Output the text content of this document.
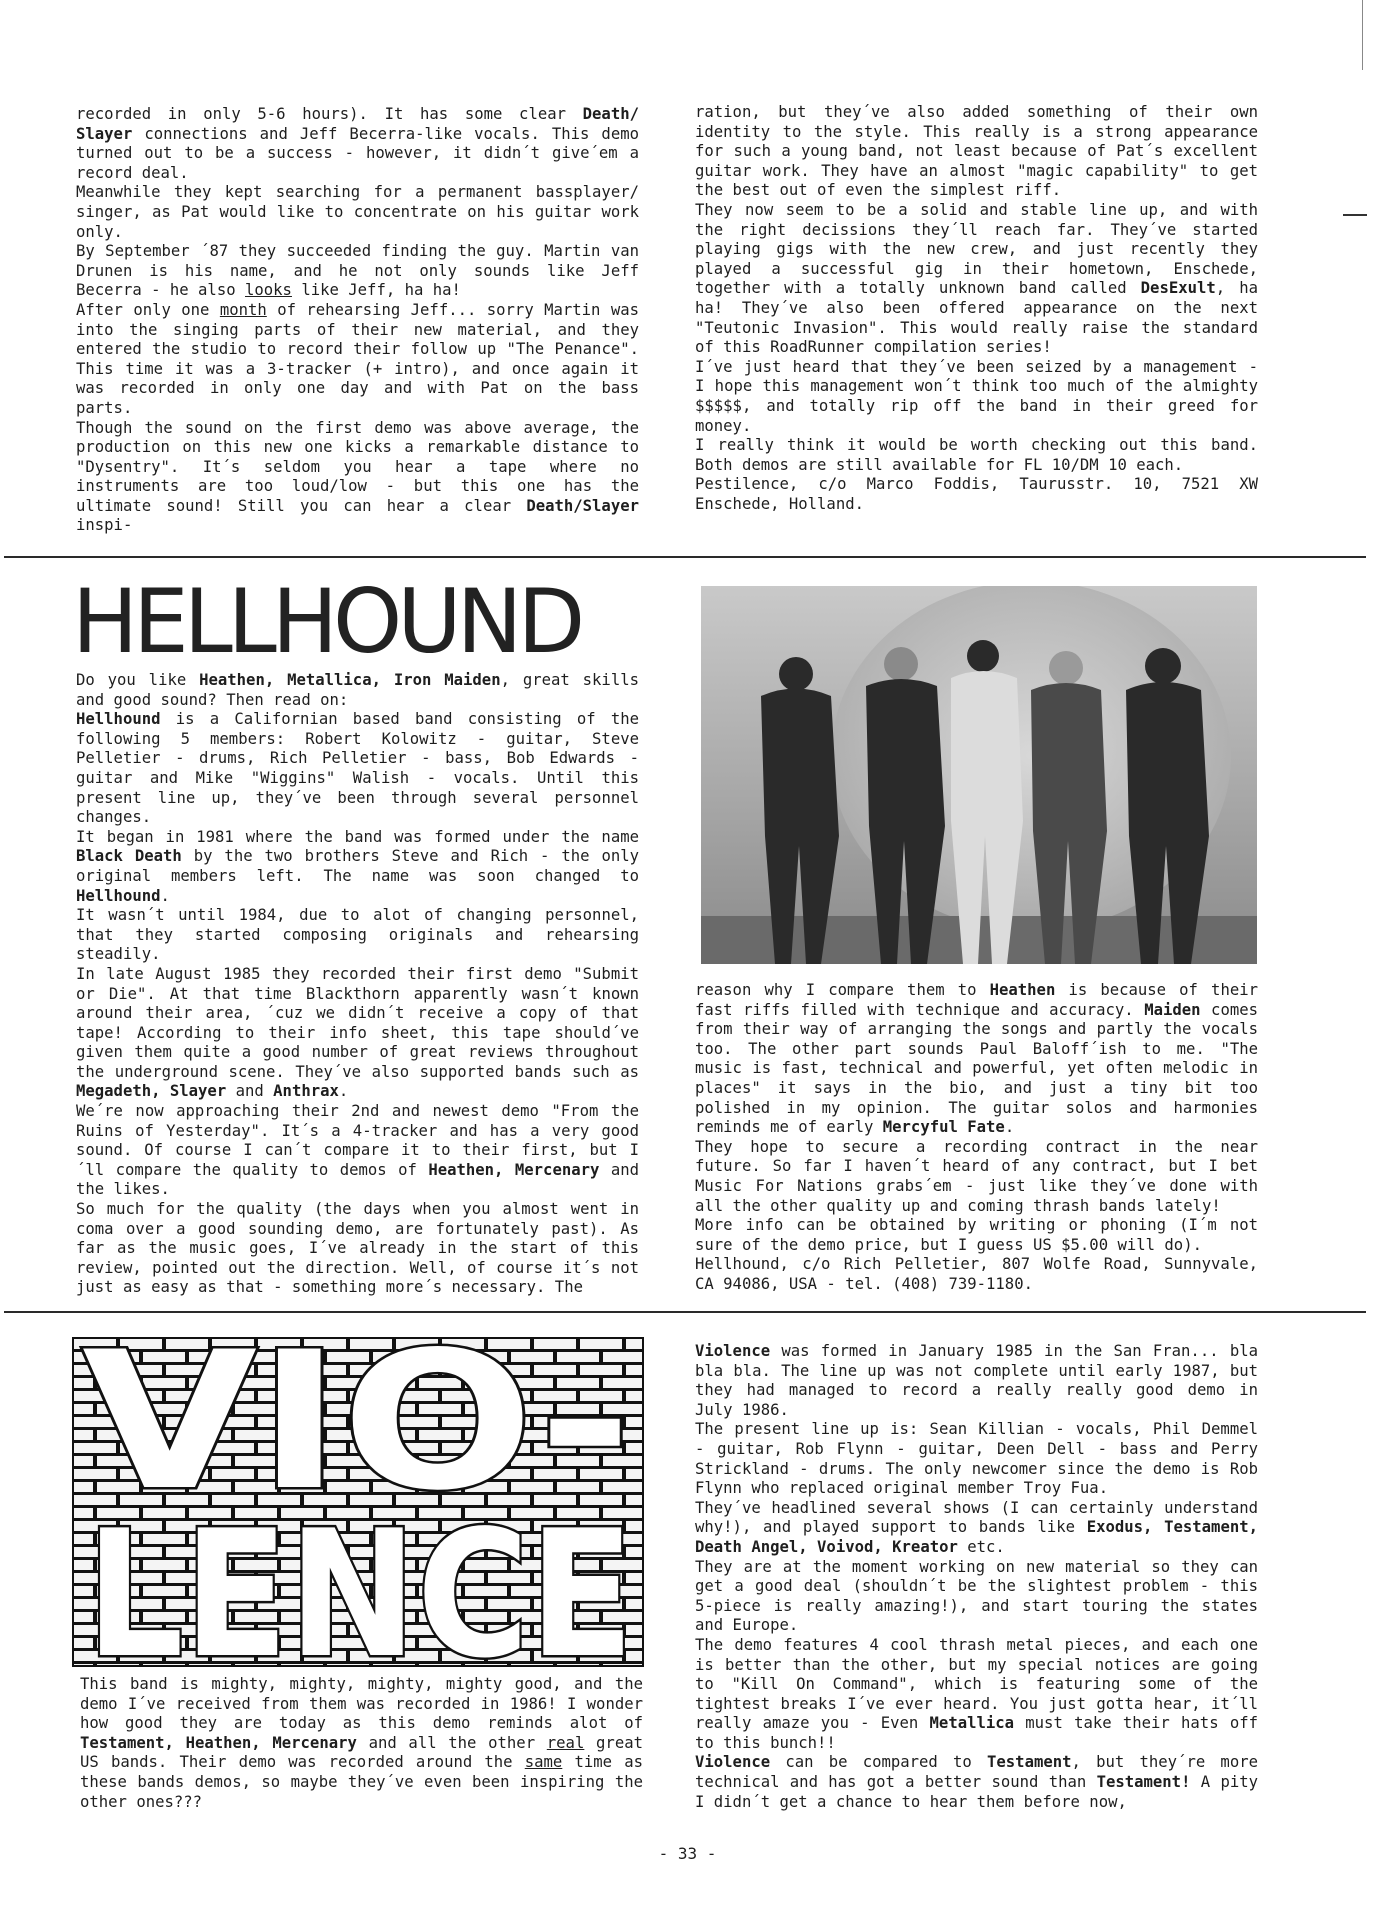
recorded in only 5-6 hours). It has some clear Death/ Slayer connections and Jeff Becerra-like vocals. This demo turned out to be a success - however, it didn´t give´em a record deal.

Meanwhile they kept searching for a permanent bassplayer/ singer, as Pat would like to concentrate on his guitar work only.

By September ´87 they succeeded finding the guy. Martin van Drunen is his name, and he not only sounds like Jeff Becerra - he also looks like Jeff, ha ha!

After only one month of rehearsing Jeff... sorry Martin was into the singing parts of their new material, and they entered the studio to record their follow up "The Penance". This time it was a 3-tracker (+ intro), and once again it was recorded in only one day and with Pat on the bass parts.

Though the sound on the first demo was above average, the production on this new one kicks a remarkable distance to "Dysentry". It´s seldom you hear a tape where no instruments are too loud/low - but this one has the ultimate sound! Still you can hear a clear Death/Slayer inspi-

ration, but they´ve also added something of their own identity to the style. This really is a strong appearance for such a young band, not least because of Pat´s excellent guitar work. They have an almost "magic capability" to get the best out of even the simplest riff.

They now seem to be a solid and stable line up, and with the right decissions they´ll reach far. They´ve started playing gigs with the new crew, and just recently they played a successful gig in their hometown, Enschede, together with a totally unknown band called DesExult, ha ha! They´ve also been offered appearance on the next "Teutonic Invasion". This would really raise the standard of this RoadRunner compilation series!

I´ve just heard that they´ve been seized by a management - I hope this management won´t think too much of the almighty $$$$$, and totally rip off the band in their greed for money.

I really think it would be worth checking out this band. Both demos are still available for FL 10/DM 10 each.

Pestilence, c/o Marco Foddis, Taurusstr. 10, 7521 XW Enschede, Holland.

HELLHOUND

Do you like Heathen, Metallica, Iron Maiden, great skills and good sound? Then read on:

Hellhound is a Californian based band consisting of the following 5 members: Robert Kolowitz - guitar, Steve Pelletier - drums, Rich Pelletier - bass, Bob Edwards - guitar and Mike "Wiggins" Walish - vocals. Until this present line up, they´ve been through several personnel changes.

It began in 1981 where the band was formed under the name Black Death by the two brothers Steve and Rich - the only original members left. The name was soon changed to Hellhound.

It wasn´t until 1984, due to alot of changing personnel, that they started composing originals and rehearsing steadily.

In late August 1985 they recorded their first demo "Submit or Die". At that time Blackthorn apparently wasn´t known around their area, ´cuz we didn´t receive a copy of that tape! According to their info sheet, this tape should´ve given them quite a good number of great reviews throughout the underground scene. They´ve also supported bands such as Megadeth, Slayer and Anthrax.

We´re now approaching their 2nd and newest demo "From the Ruins of Yesterday". It´s a 4-tracker and has a very good sound. Of course I can´t compare it to their first, but I´ll compare the quality to demos of Heathen, Mercenary and the likes.

So much for the quality (the days when you almost went in coma over a good sounding demo, are fortunately past). As far as the music goes, I´ve already in the start of this review, pointed out the direction. Well, of course it´s not just as easy as that - something more´s necessary. The

reason why I compare them to Heathen is because of their fast riffs filled with technique and accuracy. Maiden comes from their way of arranging the songs and partly the vocals too. The other part sounds Paul Baloff´ish to me. "The music is fast, technical and powerful, yet often melodic in places" it says in the bio, and just a tiny bit too polished in my opinion. The guitar solos and harmonies reminds me of early Mercyful Fate.

They hope to secure a recording contract in the near future. So far I haven´t heard of any contract, but I bet Music For Nations grabs´em - just like they´ve done with all the other quality up and coming thrash bands lately!

More info can be obtained by writing or phoning (I´m not sure of the demo price, but I guess US $5.00 will do).

Hellhound, c/o Rich Pelletier, 807 Wolfe Road, Sunnyvale, CA 94086, USA - tel. (408) 739-1180.

VIO-
LENCE

This band is mighty, mighty, mighty, mighty good, and the demo I´ve received from them was recorded in 1986! I wonder how good they are today as this demo reminds alot of Testament, Heathen, Mercenary and all the other real great US bands. Their demo was recorded around the same time as these bands demos, so maybe they´ve even been inspiring the other ones???

Violence was formed in January 1985 in the San Fran... bla bla bla. The line up was not complete until early 1987, but they had managed to record a really really good demo in July 1986.

The present line up is: Sean Killian - vocals, Phil Demmel - guitar, Rob Flynn - guitar, Deen Dell - bass and Perry Strickland - drums. The only newcomer since the demo is Rob Flynn who replaced original member Troy Fua.

They´ve headlined several shows (I can certainly understand why!), and played support to bands like Exodus, Testament, Death Angel, Voivod, Kreator etc.

They are at the moment working on new material so they can get a good deal (shouldn´t be the slightest problem - this 5-piece is really amazing!), and start touring the states and Europe.

The demo features 4 cool thrash metal pieces, and each one is better than the other, but my special notices are going to "Kill On Command", which is featuring some of the tightest breaks I´ve ever heard. You just gotta hear, it´ll really amaze you - Even Metallica must take their hats off to this bunch!!

Violence can be compared to Testament, but they´re more technical and has got a better sound than Testament! A pity I didn´t get a chance to hear them before now,

- 33 -
